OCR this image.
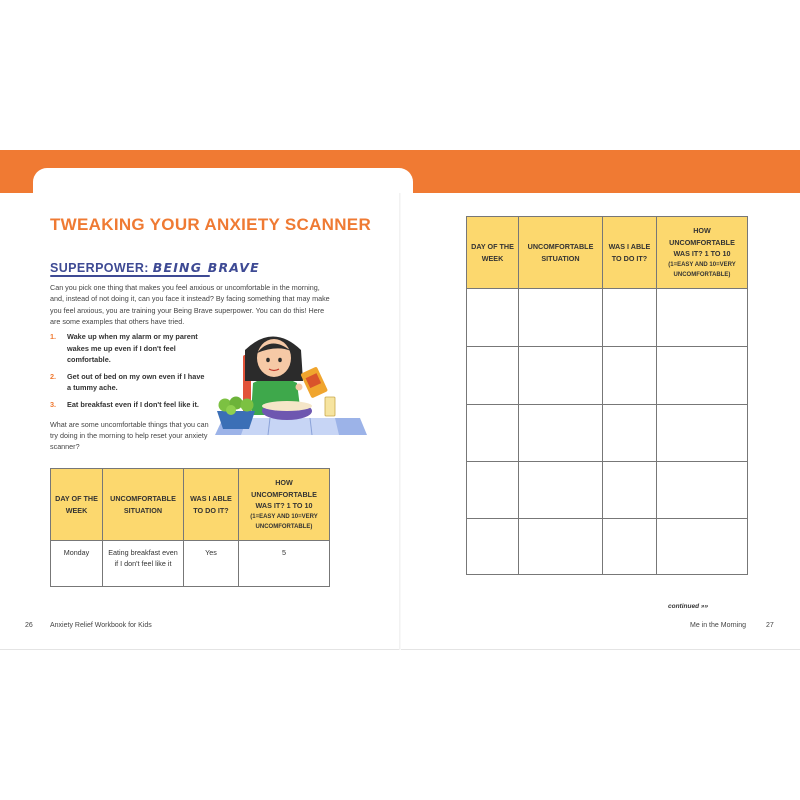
TWEAKING YOUR ANXIETY SCANNER
SUPERPOWER: BEING BRAVE

Can you pick one thing that makes you feel anxious or uncomfortable in the morning, and, instead of not doing it, can you face it instead? By facing something that may make you feel anxious, you are training your Being Brave superpower. You can do this! Here are some examples that others have tried.

1. Wake up when my alarm or my parent wakes me up even if I don't feel comfortable.
2. Get out of bed on my own even if I have a tummy ache.
3. Eat breakfast even if I don't feel like it.

What are some uncomfortable things that you can try doing in the morning to help reset your anxiety scanner?

DAY OF THE WEEK	UNCOMFORTABLE SITUATION	WAS I ABLE TO DO IT?	HOW UNCOMFORTABLE WAS IT? 1 TO 10
(1=EASY AND 10=VERY UNCOMFORTABLE)

Monday	Eating breakfast even if I don't feel like it	Yes	5
DAY OF THE WEEK	UNCOMFORTABLE SITUATION	WAS I ABLE TO DO IT?	HOW UNCOMFORTABLE WAS IT? 1 TO 10
(1=EASY AND 10=VERY UNCOMFORTABLE)

continued »»
26 Anxiety Relief Workbook for Kids	Me in the Morning	27
